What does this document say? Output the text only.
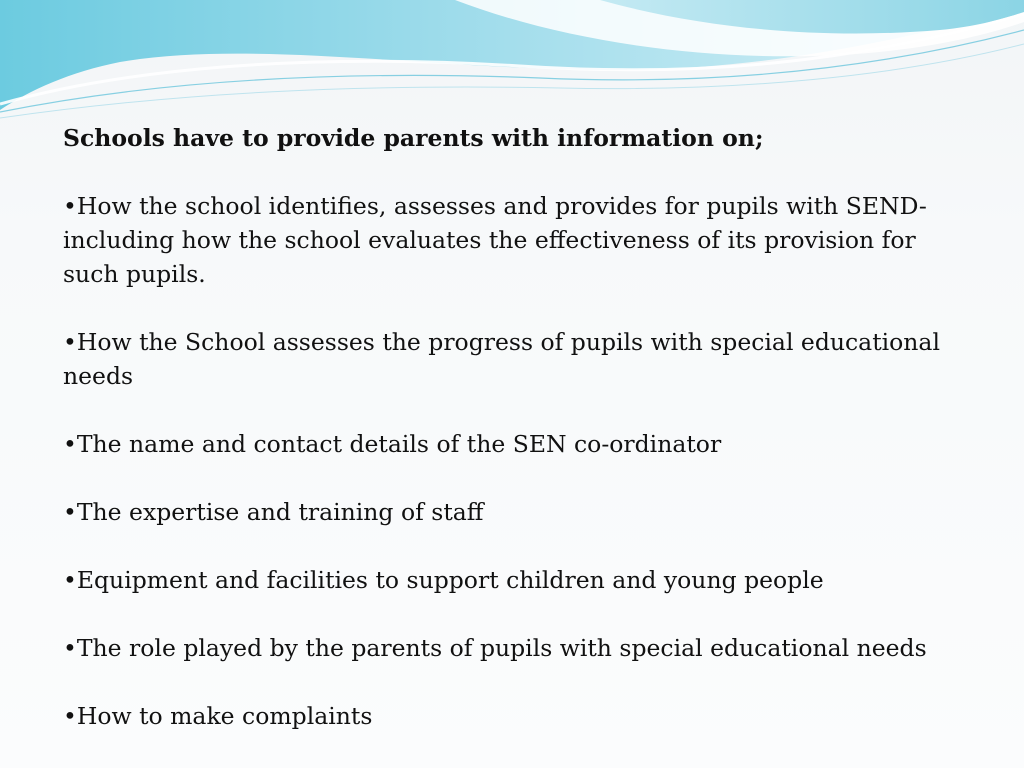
Schools have to provide parents with information on;

•How the school identifies, assesses and provides for pupils with SEND-
including how the school evaluates the effectiveness of its provision for
such pupils.
•How the School assesses the progress of pupils with special educational
needs
•The name and contact details of the SEN co-ordinator
•The expertise and training of staff
•Equipment and facilities to support children and young people
•The role played by the parents of pupils with special educational needs
•How to make complaints
